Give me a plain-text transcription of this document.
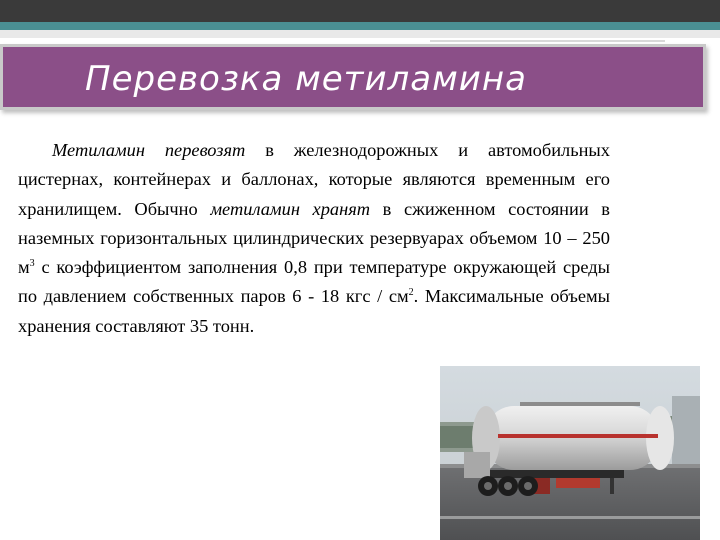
Перевозка метиламина

Метиламин перевозят в железнодорожных и автомобильных цистернах, контейнерах и баллонах, которые являются временным его хранилищем. Обычно метиламин хранят в сжиженном состоянии в наземных горизонтальных цилиндрических резервуарах объемом 10 – 250 $м^3$ с коэффициентом заполнения 0,8 при температуре окружающей среды по давлением собственных паров 6 - 18 кгс / $см^2$. Максимальные объемы хранения составляют 35 тонн.
